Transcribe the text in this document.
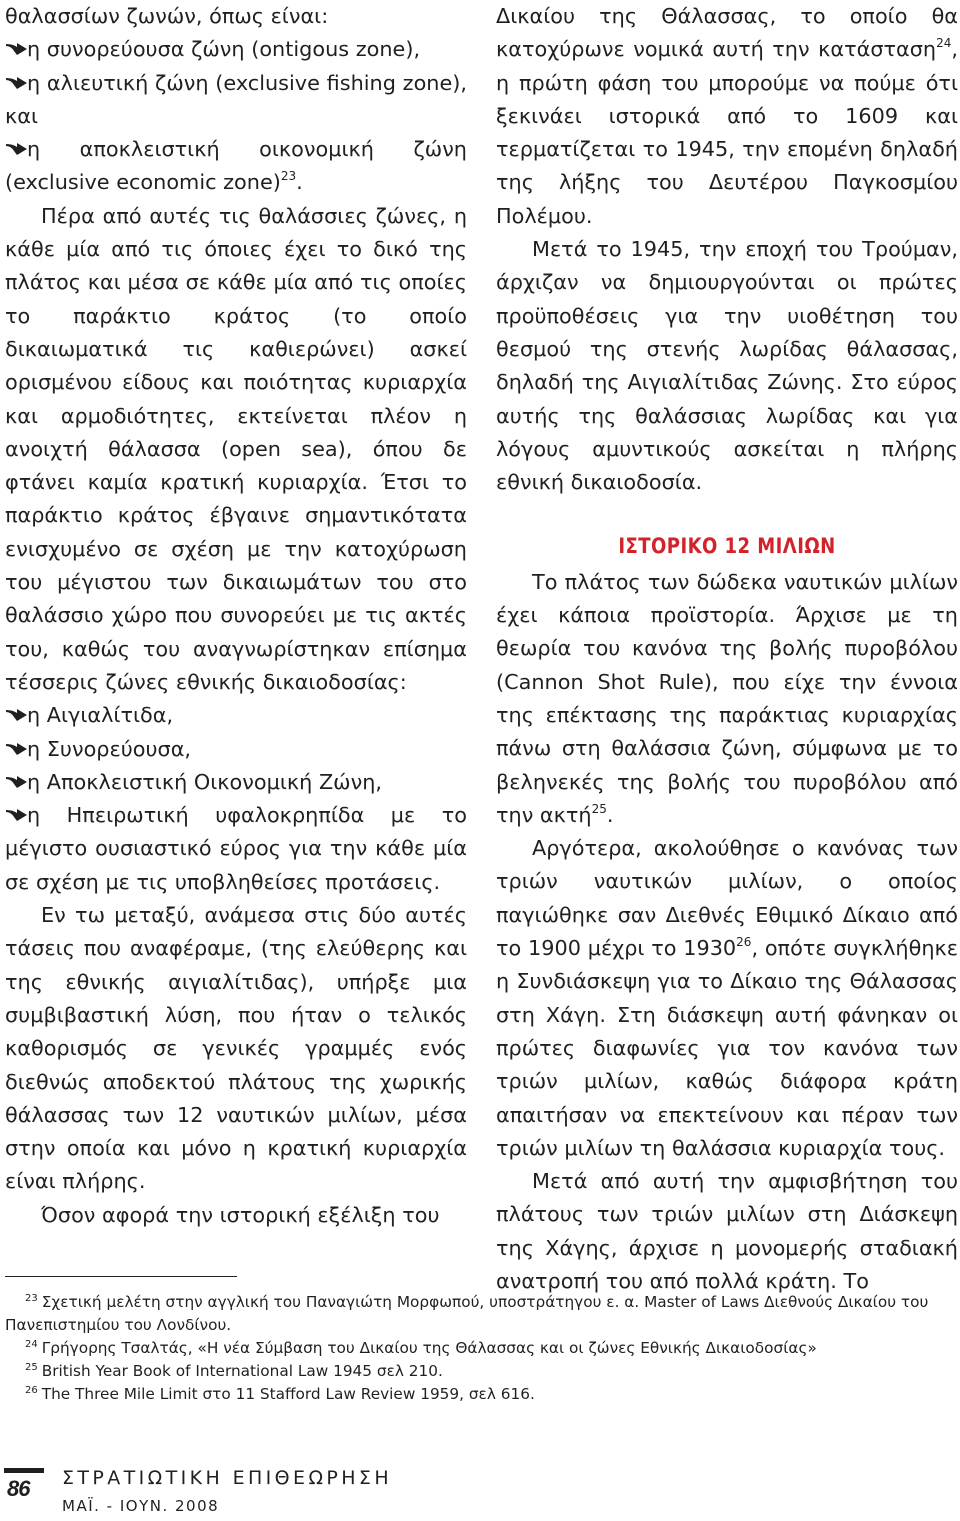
θαλασσίων ζωνών, όπως είναι:

η συνορεύουσα ζώνη (ontigous zone),

η αλιευτική ζώνη (exclusive fishing zone), και

η αποκλειστική οικονομική ζώνη (exclusive economic zone)$^{23}$.

Πέρα από αυτές τις θαλάσσιες ζώνες, η κάθε μία από τις όποιες έχει το δικό της πλάτος και μέσα σε κάθε μία από τις οποίες το παράκτιο κράτος (το οποίο δικαιωματικά τις καθιερώνει) ασκεί ορισμένου είδους και ποιότητας κυριαρχία και αρμοδιότητες, εκτείνεται πλέον η ανοιχτή θάλασσα (open sea), όπου δε φτάνει καμία κρατική κυριαρχία. Έτσι το παράκτιο κράτος έβγαινε σημαντικότατα ενισχυμένο σε σχέση με την κατοχύρωση του μέγιστου των δικαιωμάτων του στο θαλάσσιο χώρο που συνορεύει με τις ακτές του, καθώς του αναγνωρίστηκαν επίσημα τέσσερις ζώνες εθνικής δικαιοδοσίας:

η Αιγιαλίτιδα,

η Συνορεύουσα,

η Αποκλειστική Οικονομική Ζώνη,

η Ηπειρωτική υφαλοκρηπίδα με το μέγιστο ουσιαστικό εύρος για την κάθε μία σε σχέση με τις υποβληθείσες προτάσεις.

Εν τω μεταξύ, ανάμεσα στις δύο αυτές τάσεις που αναφέραμε, (της ελεύθερης και της εθνικής αιγιαλίτιδας), υπήρξε μια συμβιβαστική λύση, που ήταν ο τελικός καθορισμός σε γενικές γραμμές ενός διεθνώς αποδεκτού πλάτους της χωρικής θάλασσας των 12 ναυτικών μιλίων, μέσα στην οποία και μόνο η κρατική κυριαρχία είναι πλήρης.

Όσον αφορά την ιστορική εξέλιξη του

Δικαίου της Θάλασσας, το οποίο θα κατοχύρωνε νομικά αυτή την κατάσταση$^{24}$, η πρώτη φάση του μπορούμε να πούμε ότι ξεκινάει ιστορικά από το 1609 και τερματίζεται το 1945, την επομένη δηλαδή της λήξης του Δευτέρου Παγκοσμίου Πολέμου.

Μετά το 1945, την εποχή του Τρούμαν, άρχιζαν να δημιουργούνται οι πρώτες προϋποθέσεις για την υιοθέτηση του θεσμού της στενής λωρίδας θάλασσας, δηλαδή της Αιγιαλίτιδας Ζώνης. Στο εύρος αυτής της θαλάσσιας λωρίδας και για λόγους αμυντικούς ασκείται η πλήρης εθνική δικαιοδοσία.

ΙΣΤΟΡΙΚΟ 12 ΜΙΛΙΩΝ

Το πλάτος των δώδεκα ναυτικών μιλίων έχει κάποια προϊστορία. Άρχισε με τη θεωρία του κανόνα της βολής πυροβόλου (Cannon Shot Rule), που είχε την έννοια της επέκτασης της παράκτιας κυριαρχίας πάνω στη θαλάσσια ζώνη, σύμφωνα με το βεληνεκές της βολής του πυροβόλου από την ακτή$^{25}$.

Αργότερα, ακολούθησε ο κανόνας των τριών ναυτικών μιλίων, ο οποίος παγιώθηκε σαν Διεθνές Εθιμικό Δίκαιο από το 1900 μέχρι το 1930$^{26}$, οπότε συγκλήθηκε η Συνδιάσκεψη για το Δίκαιο της Θάλασσας στη Χάγη. Στη διάσκεψη αυτή φάνηκαν οι πρώτες διαφωνίες για τον κανόνα των τριών μιλίων, καθώς διάφορα κράτη απαιτήσαν να επεκτείνουν και πέραν των τριών μιλίων τη θαλάσσια κυριαρχία τους.

Μετά από αυτή την αμφισβήτηση του πλάτους των τριών μιλίων στη Διάσκεψη της Χάγης, άρχισε η μονομερής σταδιακή ανατροπή του από πολλά κράτη. Το

$^{23}$ Σχετική μελέτη στην αγγλική του Παναγιώτη Μορφωπού, υποστράτηγου ε. α. Master of Laws Διεθνούς Δικαίου του Πανεπιστημίου του Λονδίνου.

$^{24}$ Γρήγορης Τσαλτάς, «Η νέα Σύμβαση του Δικαίου της Θάλασσας και οι ζώνες Εθνικής Δικαιοδοσίας»

$^{25}$ British Year Book of International Law 1945 σελ 210.

$^{26}$ The Three Mile Limit στο 11 Stafford Law Review 1959, σελ 616.

86 ΣΤΡΑΤΙΩΤΙΚΗ ΕΠΙΘΕΩΡΗΣΗ
ΜΑΪ. - ΙΟΥΝ. 2008
